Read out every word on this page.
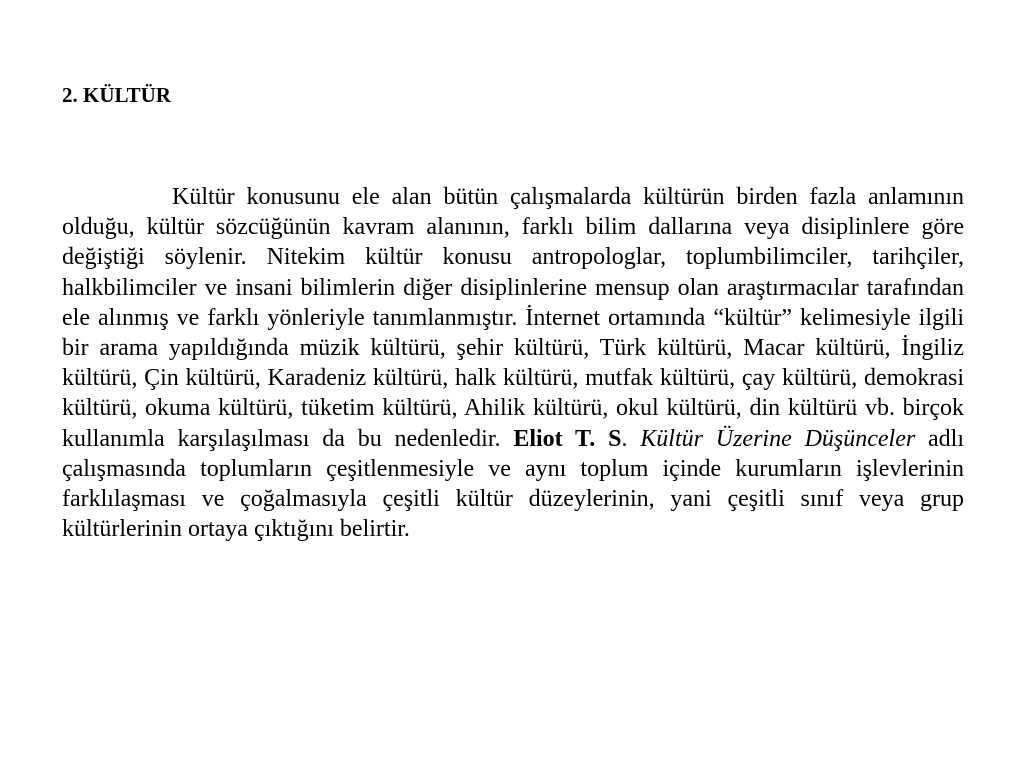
2. KÜLTÜR

Kültür konusunu ele alan bütün çalışmalarda kültürün birden fazla anlamının olduğu, kültür sözcüğünün kavram alanının, farklı bilim dallarına veya disiplinlere göre değiştiği söylenir. Nitekim kültür konusu antropologlar, toplumbilimciler, tarihçiler, halkbilimciler ve insani bilimlerin diğer disiplinlerine mensup olan araştırmacılar tarafından ele alınmış ve farklı yönleriyle tanımlanmıştır. İnternet ortamında “kültür” kelimesiyle ilgili bir arama yapıldığında müzik kültürü, şehir kültürü, Türk kültürü, Macar kültürü, İngiliz kültürü, Çin kültürü, Karadeniz kültürü, halk kültürü, mutfak kültürü, çay kültürü, demokrasi kültürü, okuma kültürü, tüketim kültürü, Ahilik kültürü, okul kültürü, din kültürü vb. birçok kullanımla karşılaşılması da bu nedenledir. Eliot T. S. Kültür Üzerine Düşünceler adlı çalışmasında toplumların çeşitlenmesiyle ve aynı toplum içinde kurumların işlevlerinin farklılaşması ve çoğalmasıyla çeşitli kültür düzeylerinin, yani çeşitli sınıf veya grup kültürlerinin ortaya çıktığını belirtir.
